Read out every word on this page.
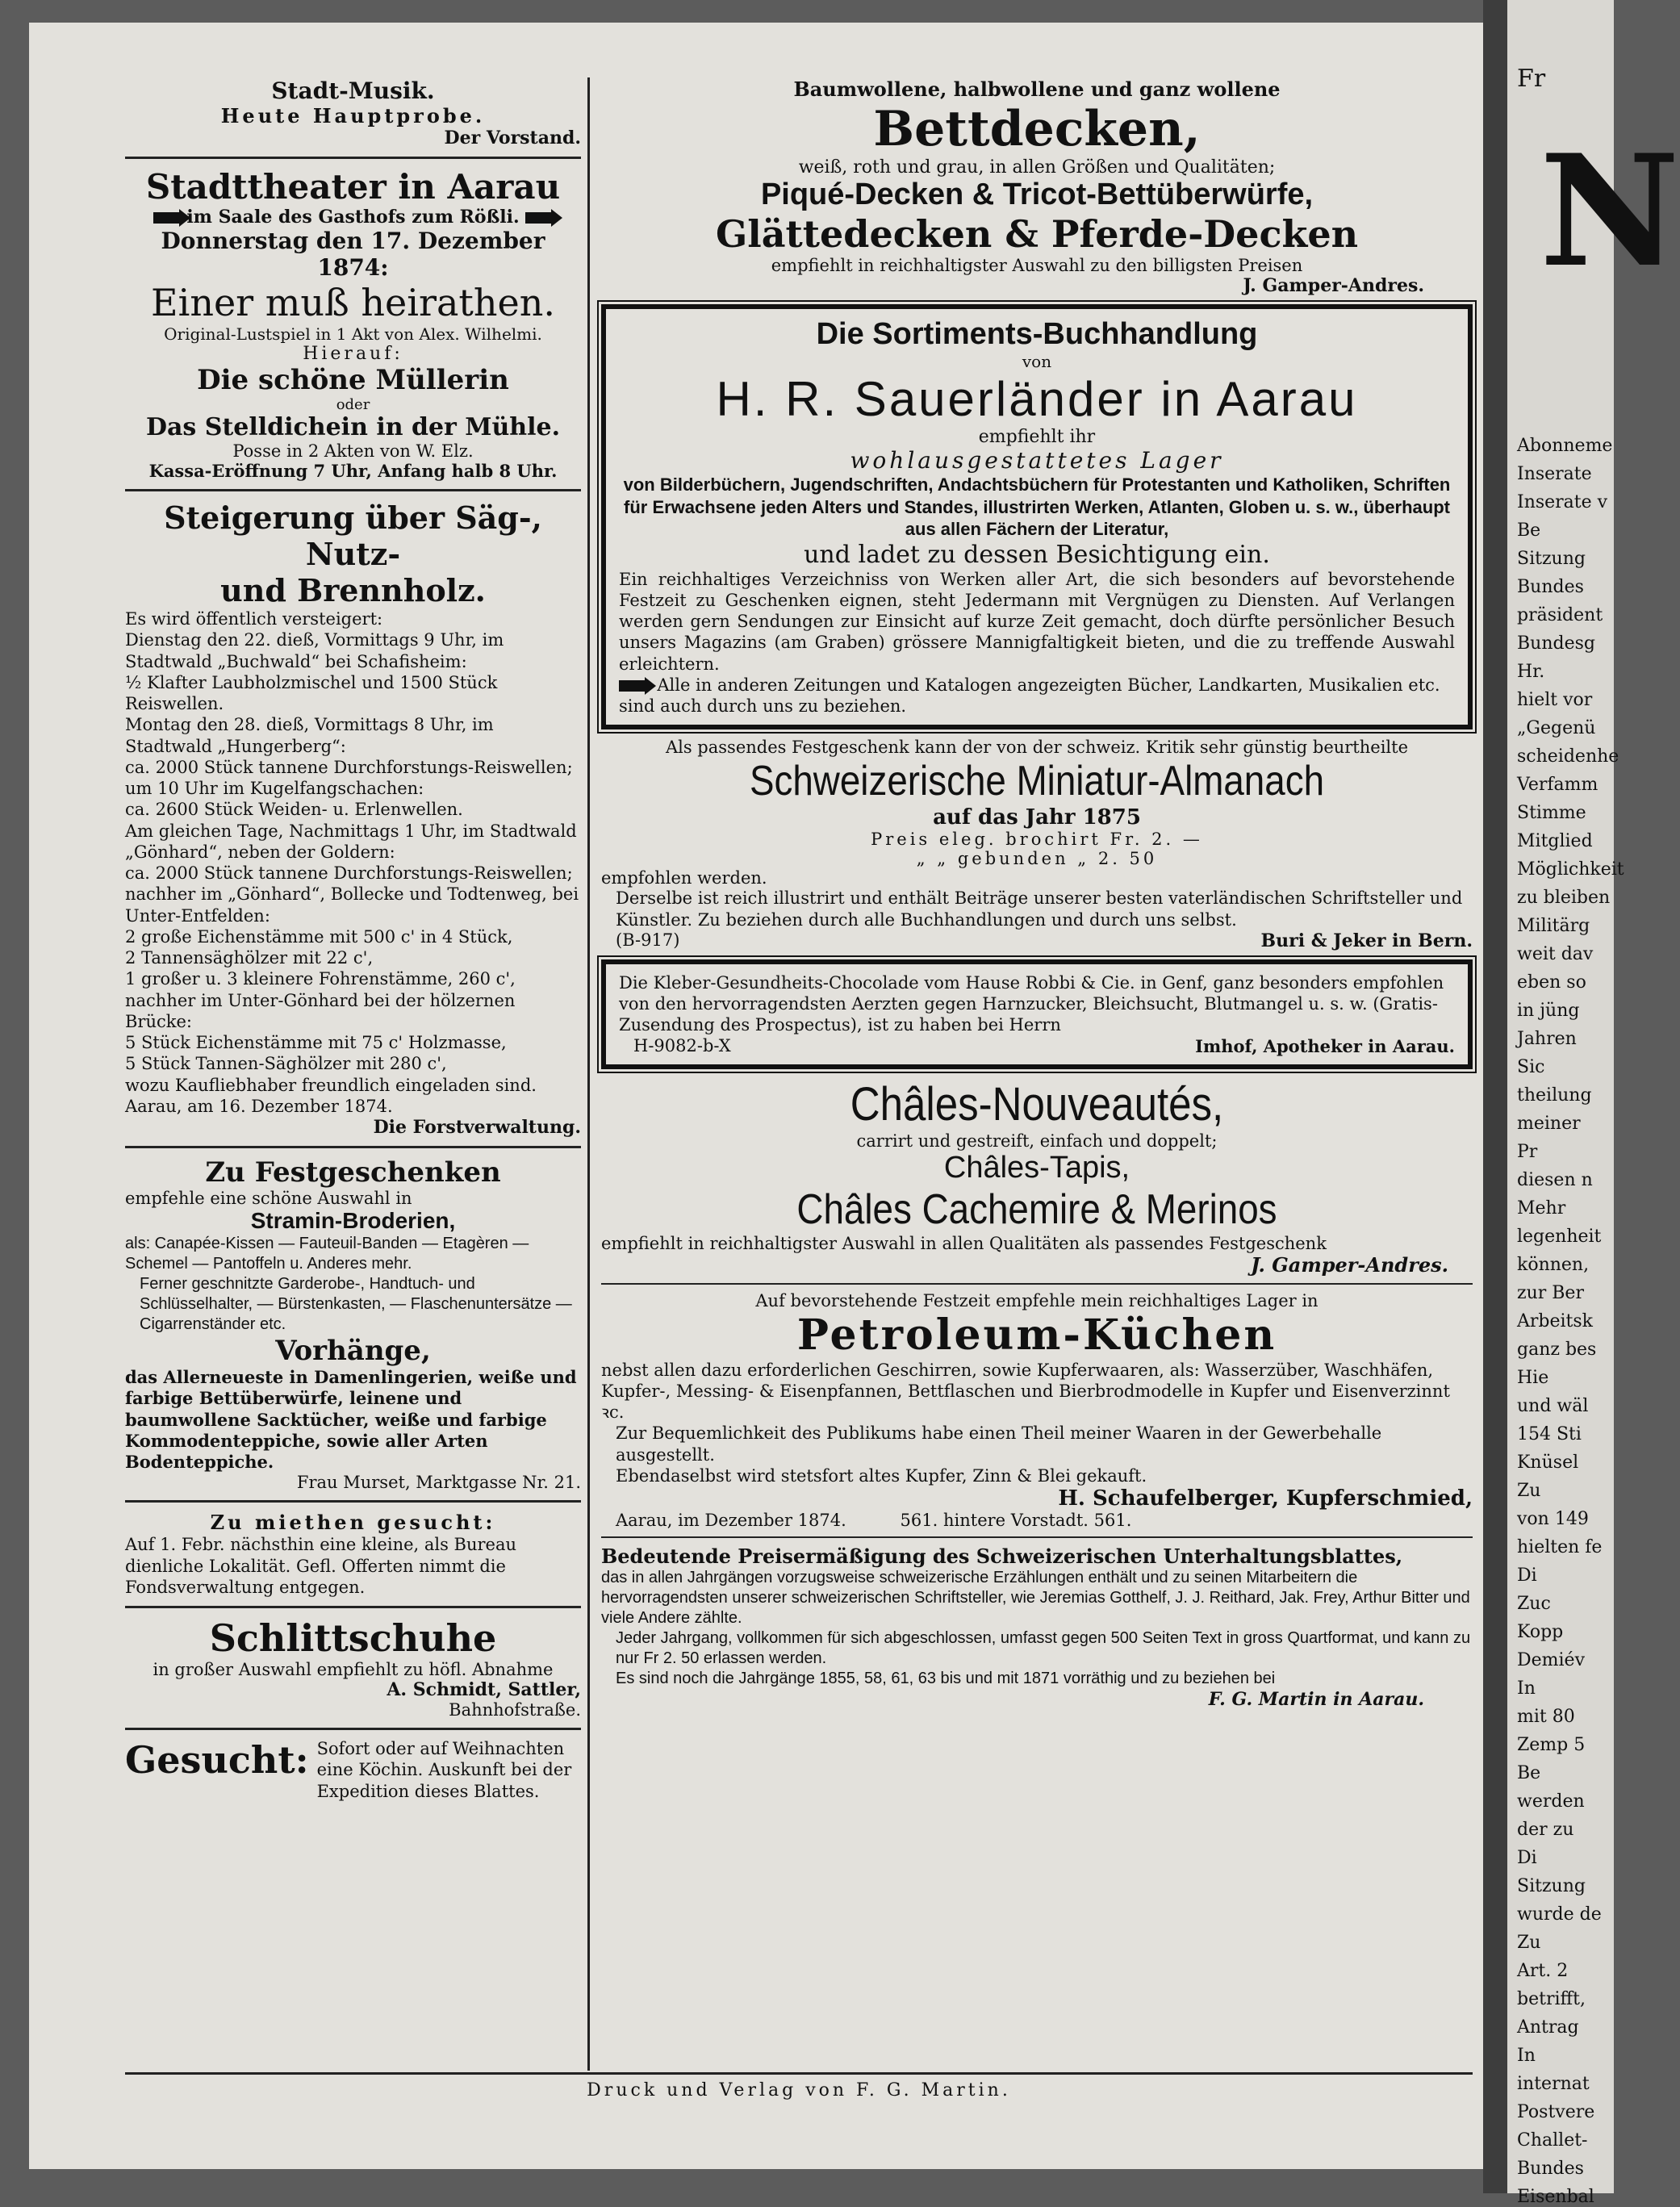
N
Fr
Abonneme
Inserate
Inserate v
Be
Sitzung
Bundes
präsident
Bundesg
Hr.
hielt vor
„Gegenü
scheidenhe
Verfamm
Stimme
Mitglied
Möglichkeit
zu bleiben
Militärg
weit dav
eben so
in jüng
Jahren
Sic
theilung
meiner
Pr
diesen n
Mehr
legenheit
können,
zur Ber
Arbeitsk
ganz bes
Hie
und wäl
154 Sti
Knüsel
Zu
von 149
hielten fe
Di
Zuc
Kopp
Demiév
In
mit 80
Zemp 5
Be
werden
der zu
Di
Sitzung
wurde de
Zu
Art. 2
betrifft,
Antrag
In
internat
Postvere
Challet-
Bundes
Eisenbal

Stadt-Musik.

Heute Hauptprobe.

Der Vorstand.

Stadttheater in Aarau

im Saale des Gasthofs zum Rößli.

Donnerstag den 17. Dezember 1874:

Einer muß heirathen.

Original-Lustspiel in 1 Akt von Alex. Wilhelmi.

Hierauf:

Die schöne Müllerin

oder

Das Stelldichein in der Mühle.

Posse in 2 Akten von W. Elz.

Kassa-Eröffnung 7 Uhr, Anfang halb 8 Uhr.

Steigerung über Säg-, Nutz-

und Brennholz.

Es wird öffentlich versteigert:

Dienstag den 22. dieß, Vormittags 9 Uhr, im Stadtwald „Buchwald“ bei Schafisheim:

½ Klafter Laubholzmischel und 1500 Stück Reiswellen.

Montag den 28. dieß, Vormittags 8 Uhr, im Stadtwald „Hungerberg“:

ca. 2000 Stück tannene Durchforstungs-Reiswellen;

um 10 Uhr im Kugelfangschachen:

ca. 2600 Stück Weiden- u. Erlenwellen.

Am gleichen Tage, Nachmittags 1 Uhr, im Stadtwald „Gönhard“, neben der Goldern:

ca. 2000 Stück tannene Durchforstungs-Reiswellen;

nachher im „Gönhard“, Bollecke und Todtenweg, bei Unter-Entfelden:

2 große Eichenstämme mit 500 c' in 4 Stück,

2 Tannensäghölzer mit 22 c',

1 großer u. 3 kleinere Fohrenstämme, 260 c',

nachher im Unter-Gönhard bei der hölzernen Brücke:

5 Stück Eichenstämme mit 75 c' Holzmasse,

5 Stück Tannen-Säghölzer mit 280 c',

wozu Kaufliebhaber freundlich eingeladen sind.

Aarau, am 16. Dezember 1874.

Die Forstverwaltung.

Zu Festgeschenken

empfehle eine schöne Auswahl in

Stramin-Broderien,

als: Canapée-Kissen — Fauteuil-Banden — Etagèren — Schemel — Pantoffeln u. Anderes mehr.

Ferner geschnitzte Garderobe-, Handtuch- und Schlüsselhalter, — Bürstenkasten, — Flaschenuntersätze — Cigarrenständer etc.

Vorhänge,

das Allerneueste in Damenlingerien, weiße und farbige Bettüberwürfe, leinene und baumwollene Sacktücher, weiße und farbige Kommodenteppiche, sowie aller Arten Bodenteppiche.

Frau Murset, Marktgasse Nr. 21.

Zu miethen gesucht:

Auf 1. Febr. nächsthin eine kleine, als Bureau dienliche Lokalität. Gefl. Offerten nimmt die Fondsverwaltung entgegen.

Schlittschuhe

in großer Auswahl empfiehlt zu höfl. Abnahme

A. Schmidt, Sattler,

Bahnhofstraße.

Gesucht: Sofort oder auf Weihnachten eine Köchin. Auskunft bei der Expedition dieses Blattes.

Baumwollene, halbwollene und ganz wollene

Bettdecken,

weiß, roth und grau, in allen Größen und Qualitäten;

Piqué-Decken & Tricot-Bettüberwürfe,

Glättedecken & Pferde-Decken

empfiehlt in reichhaltigster Auswahl zu den billigsten Preisen

J. Gamper-Andres.

Die Sortiments-Buchhandlung

von

H. R. Sauerländer in Aarau

empfiehlt ihr

wohlausgestattetes Lager

von Bilderbüchern, Jugendschriften, Andachtsbüchern für Protestanten und Katholiken, Schriften für Erwachsene jeden Alters und Standes, illustrirten Werken, Atlanten, Globen u. s. w., überhaupt aus allen Fächern der Literatur,

und ladet zu dessen Besichtigung ein.

Ein reichhaltiges Verzeichniss von Werken aller Art, die sich besonders auf bevorstehende Festzeit zu Geschenken eignen, steht Jedermann mit Vergnügen zu Diensten. Auf Verlangen werden gern Sendungen zur Einsicht auf kurze Zeit gemacht, doch dürfte persönlicher Besuch unsers Magazins (am Graben) grössere Mannigfaltigkeit bieten, und die zu treffende Auswahl erleichtern.

Alle in anderen Zeitungen und Katalogen angezeigten Bücher, Landkarten, Musikalien etc. sind auch durch uns zu beziehen.

Als passendes Festgeschenk kann der von der schweiz. Kritik sehr günstig beurtheilte

Schweizerische Miniatur-Almanach

auf das Jahr 1875

Preis eleg. brochirt Fr. 2. —

„ „ gebunden „ 2. 50

empfohlen werden.

Derselbe ist reich illustrirt und enthält Beiträge unserer besten vaterländischen Schriftsteller und Künstler. Zu beziehen durch alle Buchhandlungen und durch uns selbst.

(B-917)	Buri & Jeker in Bern.

Die Kleber-Gesundheits-Chocolade vom Hause Robbi & Cie. in Genf, ganz besonders empfohlen von den hervorragendsten Aerzten gegen Harnzucker, Bleichsucht, Blutmangel u. s. w. (Gratis-Zusendung des Prospectus), ist zu haben bei Herrn

H-9082-b-X	Imhof, Apotheker in Aarau.

Châles-Nouveautés,

carrirt und gestreift, einfach und doppelt;

Châles-Tapis,

Châles Cachemire & Merinos

empfiehlt in reichhaltigster Auswahl in allen Qualitäten als passendes Festgeschenk

J. Gamper-Andres.

Auf bevorstehende Festzeit empfehle mein reichhaltiges Lager in

Petroleum-Küchen

nebst allen dazu erforderlichen Geschirren, sowie Kupferwaaren, als: Wasserzüber, Waschhäfen, Kupfer-, Messing- & Eisenpfannen, Bettflaschen und Bierbrodmodelle in Kupfer und Eisenverzinnt ꝛc.

Zur Bequemlichkeit des Publikums habe einen Theil meiner Waaren in der Gewerbehalle ausgestellt.

Ebendaselbst wird stetsfort altes Kupfer, Zinn & Blei gekauft.

H. Schaufelberger, Kupferschmied,

Aarau, im Dezember 1874.          561. hintere Vorstadt. 561.

Bedeutende Preisermäßigung des Schweizerischen Unterhaltungsblattes,

das in allen Jahrgängen vorzugsweise schweizerische Erzählungen enthält und zu seinen Mitarbeitern die hervorragendsten unserer schweizerischen Schriftsteller, wie Jeremias Gotthelf, J. J. Reithard, Jak. Frey, Arthur Bitter und viele Andere zählte.

Jeder Jahrgang, vollkommen für sich abgeschlossen, umfasst gegen 500 Seiten Text in gross Quartformat, und kann zu nur Fr 2. 50 erlassen werden.

Es sind noch die Jahrgänge 1855, 58, 61, 63 bis und mit 1871 vorräthig und zu beziehen bei

F. G. Martin in Aarau.

Druck und Verlag von F. G. Martin.
